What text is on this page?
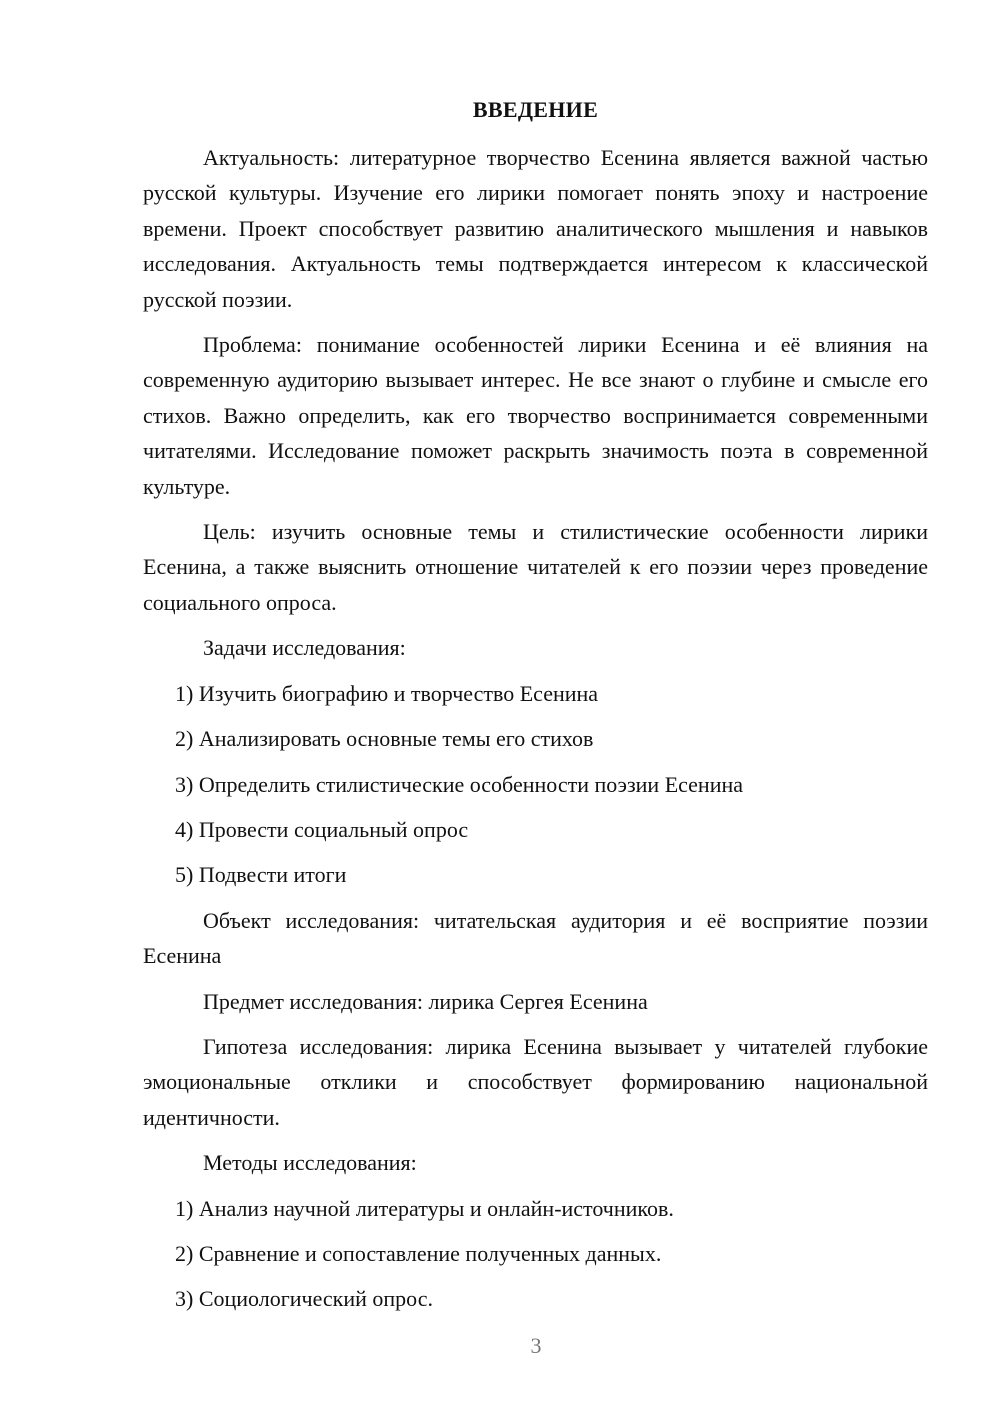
ВВЕДЕНИЕ

Актуальность: литературное творчество Есенина является важной частью русской культуры. Изучение его лирики помогает понять эпоху и настроение времени. Проект способствует развитию аналитического мышления и навыков исследования. Актуальность темы подтверждается интересом к классической русской поэзии.

Проблема: понимание особенностей лирики Есенина и её влияния на современную аудиторию вызывает интерес. Не все знают о глубине и смысле его стихов. Важно определить, как его творчество воспринимается современными читателями. Исследование поможет раскрыть значимость поэта в современной культуре.

Цель: изучить основные темы и стилистические особенности лирики Есенина, а также выяснить отношение читателей к его поэзии через проведение социального опроса.

Задачи исследования:
1) Изучить биографию и творчество Есенина
2) Анализировать основные темы его стихов
3) Определить стилистические особенности поэзии Есенина
4) Провести социальный опрос
5) Подвести итоги

Объект исследования: читательская аудитория и её восприятие поэзии Есенина

Предмет исследования: лирика Сергея Есенина

Гипотеза исследования: лирика Есенина вызывает у читателей глубокие эмоциональные отклики и способствует формированию национальной идентичности.

Методы исследования:
1) Анализ научной литературы и онлайн-источников.
2) Сравнение и сопоставление полученных данных.
3) Социологический опрос.
3
